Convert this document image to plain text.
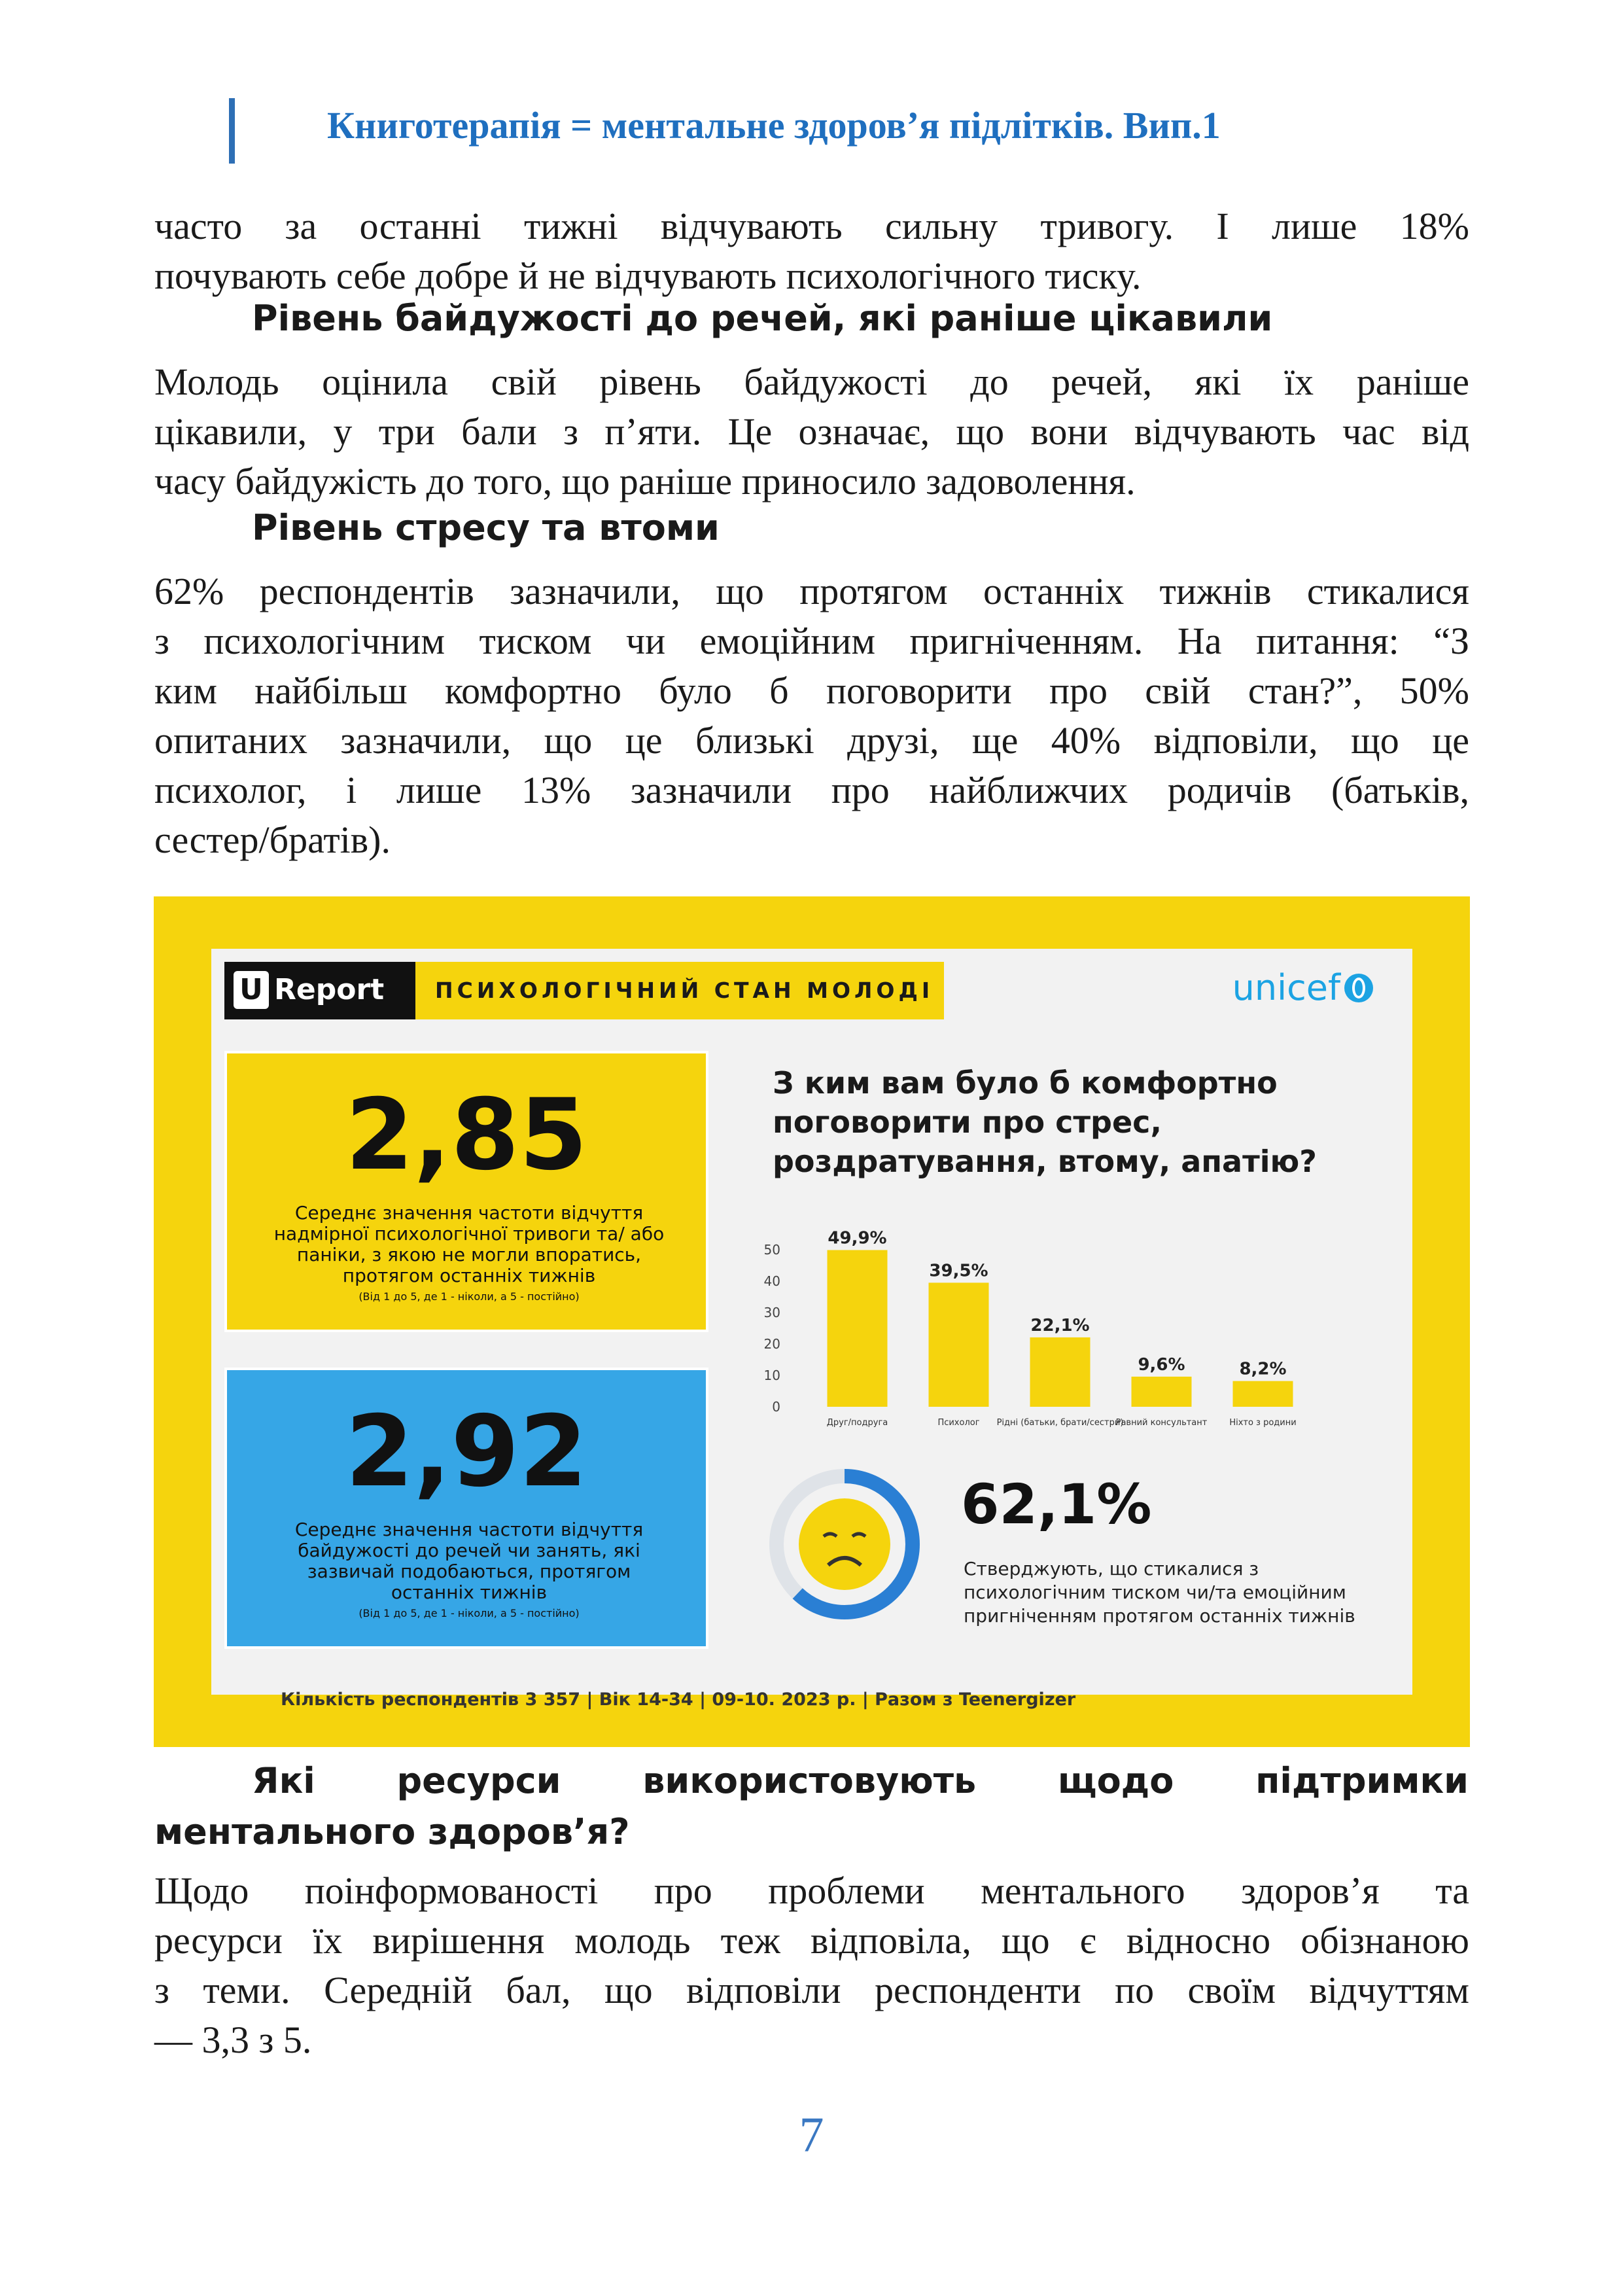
Книготерапія = ментальне здоров’я підлітків. Вип.1
часто за останні тижні відчувають сильну тривогу. І лише 18%
почувають себе добре й не відчувають психологічного тиску.
Рівень байдужості до речей, які раніше цікавили
Молодь оцінила свій рівень байдужості до речей, які їх раніше
цікавили, у три бали з п’яти. Це означає, що вони відчувають час від
часу байдужість до того, що раніше приносило задоволення.
Рівень стресу та втоми
62% респондентів зазначили, що протягом останніх тижнів стикалися
з психологічним тиском чи емоційним пригніченням. На питання: “З
ким найбільш комфортно було б поговорити про свій стан?”, 50%
опитаних зазначили, що це близькі друзі, ще 40% відповіли, що це
психолог, і лише 13% зазначили про найближчих родичів (батьків,
сестер/братів).
U Report	ПСИХОЛОГІЧНИЙ СТАН МОЛОДІ	unicef
2,85
Середнє значення частоти відчуття надмірної психологічної тривоги та/ або паніки, з якою не могли впоратись, протягом останніх тижнів
(Від 1 до 5, де 1 - ніколи, а 5 - постійно)
2,92
Середнє значення частоти відчуття байдужості до речей чи занять, які зазвичай подобаються, протягом останніх тижнів
(Від 1 до 5, де 1 - ніколи, а 5 - постійно)
З ким вам було б комфортно поговорити про стрес, роздратування, втому, апатію?
0
10
20
30
40
50
49,9%
Друг/подруга
39,5%
Психолог
22,1%
Рідні (батьки, брати/сестри)
9,6%
Равний консультант
8,2%
Ніхто з родини
62,1%
Стверджують, що стикалися з психологічним тиском чи/та емоційним пригніченням протягом останніх тижнів
Кількість респондентів 3 357 | Вік 14-34 | 09-10. 2023 р. | Разом з Teenergizer
Які ресурси використовують щодо підтримки
ментального здоров’я?
Щодо поінформованості про проблеми ментального здоров’я та
ресурси їх вирішення молодь теж відповіла, що є відносно обізнаною
з теми. Середній бал, що відповіли респонденти по своїм відчуттям
— 3,3 з 5.
7
